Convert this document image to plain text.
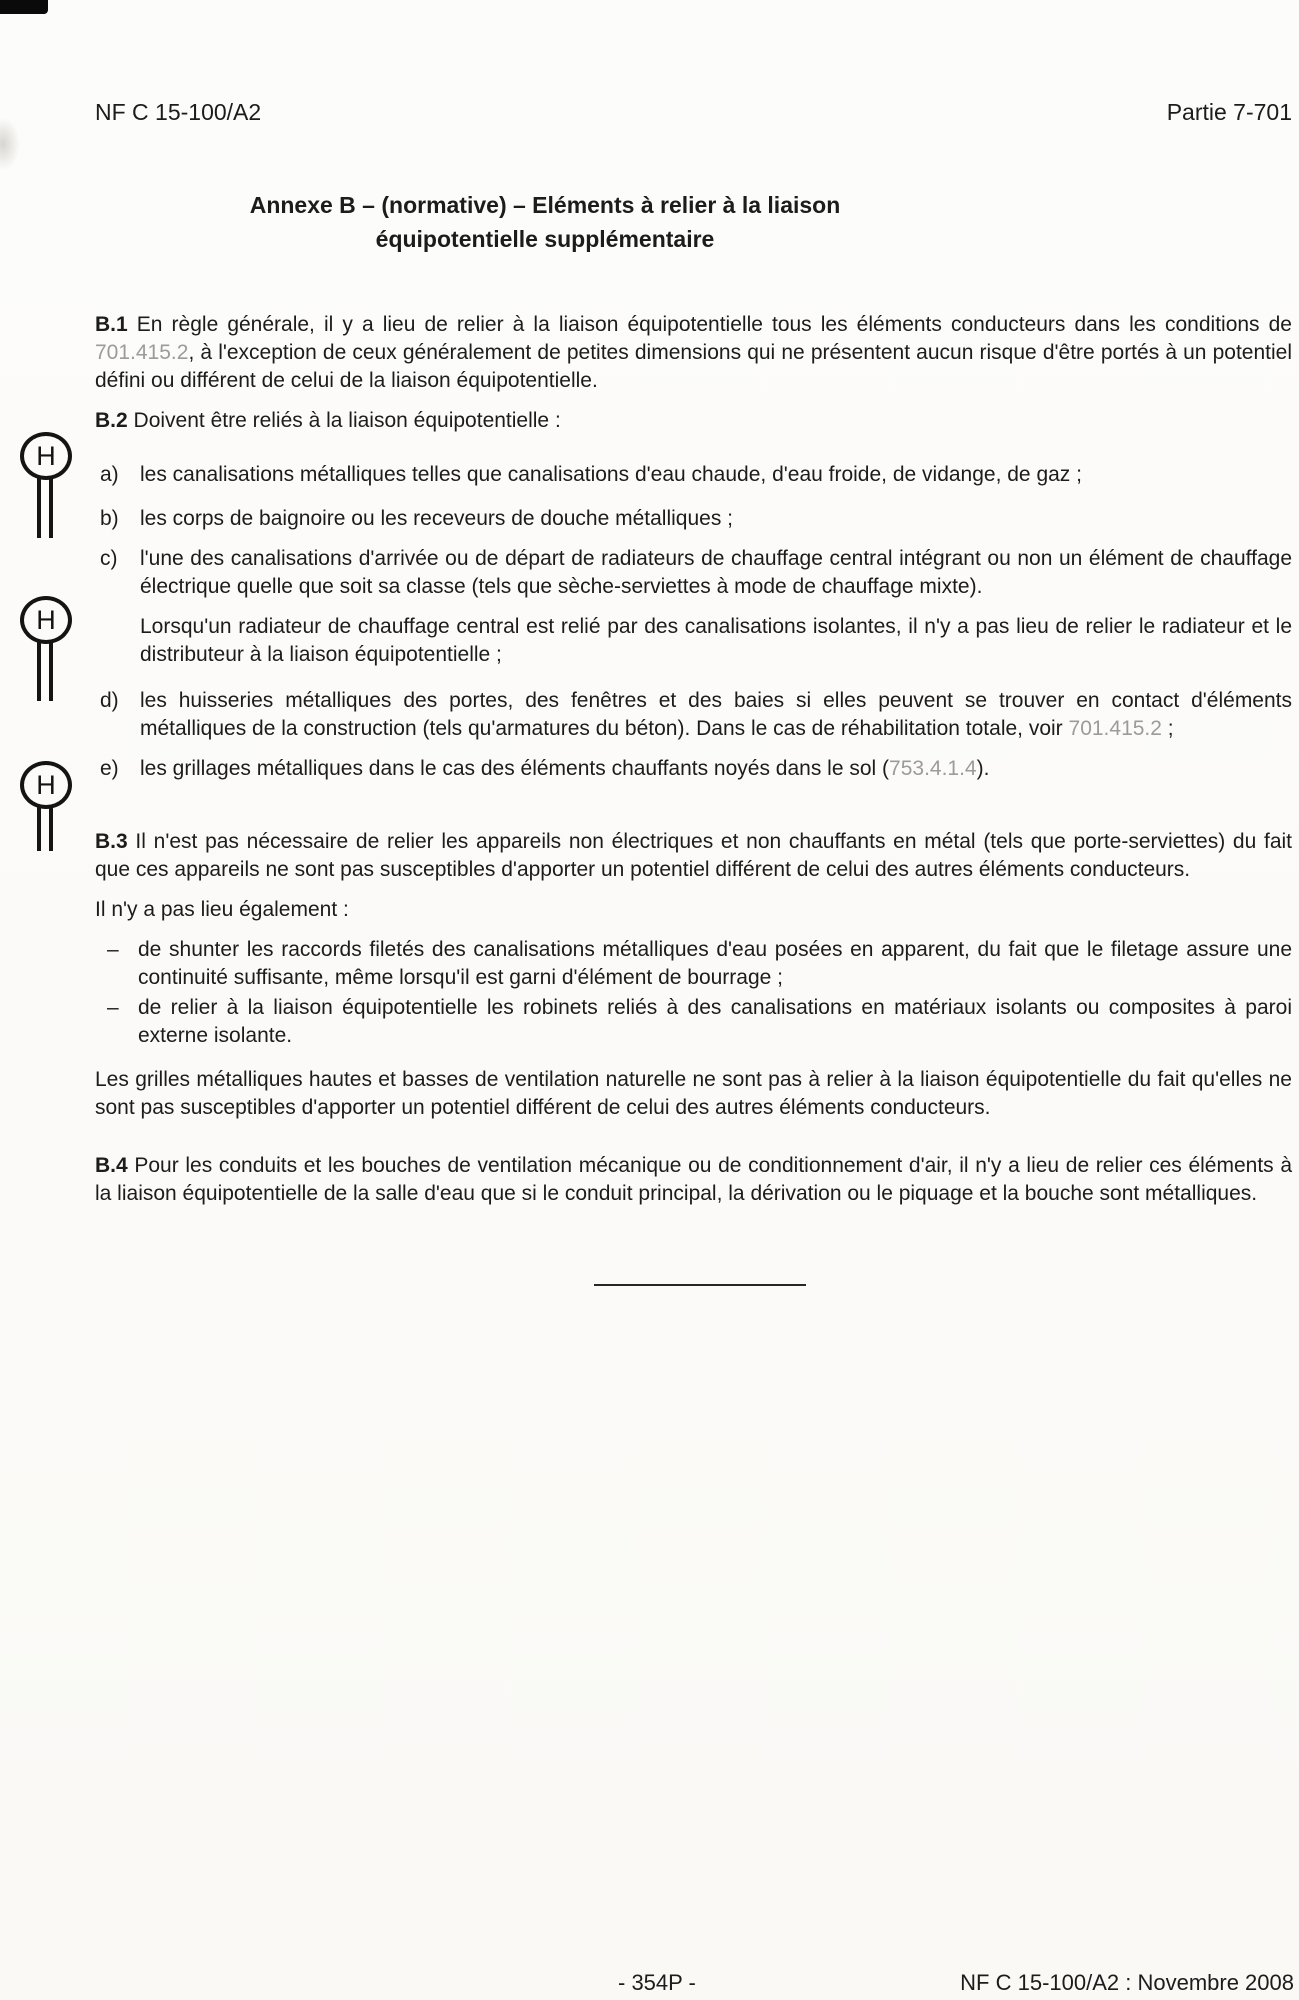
H
H
H
NF C 15-100/A2	Partie 7-701
Annexe B – (normative) – Eléments à relier à la liaison
équipotentielle supplémentaire

B.1 En règle générale, il y a lieu de relier à la liaison équipotentielle tous les éléments conducteurs dans les conditions de 701.415.2, à l'exception de ceux généralement de petites dimensions qui ne présentent aucun risque d'être portés à un potentiel défini ou différent de celui de la liaison équipotentielle.

B.2 Doivent être reliés à la liaison équipotentielle :

a) les canalisations métalliques telles que canalisations d'eau chaude, d'eau froide, de vidange, de gaz ;

b) les corps de baignoire ou les receveurs de douche métalliques ;

c) l'une des canalisations d'arrivée ou de départ de radiateurs de chauffage central intégrant ou non un élément de chauffage électrique quelle que soit sa classe (tels que sèche-serviettes à mode de chauffage mixte).

Lorsqu'un radiateur de chauffage central est relié par des canalisations isolantes, il n'y a pas lieu de relier le radiateur et le distributeur à la liaison équipotentielle ;

d) les huisseries métalliques des portes, des fenêtres et des baies si elles peuvent se trouver en contact d'éléments métalliques de la construction (tels qu'armatures du béton). Dans le cas de réhabilitation totale, voir 701.415.2 ;

e) les grillages métalliques dans le cas des éléments chauffants noyés dans le sol (753.4.1.4).

B.3 Il n'est pas nécessaire de relier les appareils non électriques et non chauffants en métal (tels que porte-serviettes) du fait que ces appareils ne sont pas susceptibles d'apporter un potentiel différent de celui des autres éléments conducteurs.

Il n'y a pas lieu également :

– de shunter les raccords filetés des canalisations métalliques d'eau posées en apparent, du fait que le filetage assure une continuité suffisante, même lorsqu'il est garni d'élément de bourrage ;

– de relier à la liaison équipotentielle les robinets reliés à des canalisations en matériaux isolants ou composites à paroi externe isolante.

Les grilles métalliques hautes et basses de ventilation naturelle ne sont pas à relier à la liaison équipotentielle du fait qu'elles ne sont pas susceptibles d'apporter un potentiel différent de celui des autres éléments conducteurs.

B.4 Pour les conduits et les bouches de ventilation mécanique ou de conditionnement d'air, il n'y a lieu de relier ces éléments à la liaison équipotentielle de la salle d'eau que si le conduit principal, la dérivation ou le piquage et la bouche sont métalliques.

- 354P -	NF C 15-100/A2 : Novembre 2008
